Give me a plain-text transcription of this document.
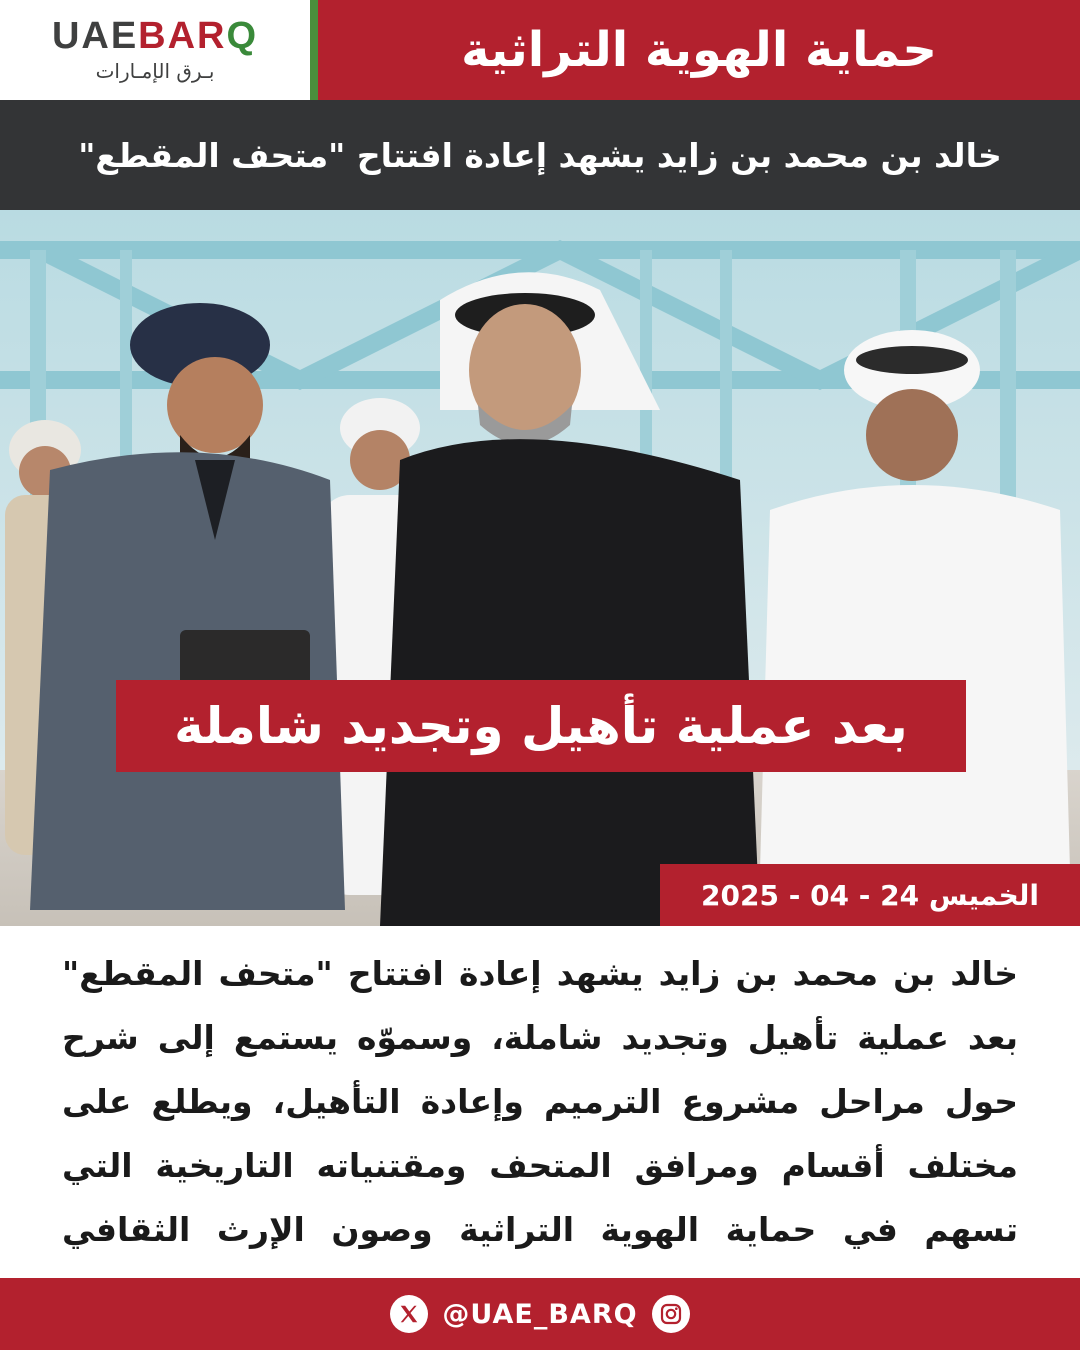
UAE BAR Q
بـرق الإمـارات	حماية الهوية التراثية
خالد بن محمد بن زايد يشهد إعادة افتتاح "متحف المقطع"
بعد عملية تأهيل وتجديد شاملة
الخميس 24 - 04 - 2025
خالد بن محمد بن زايد يشهد إعادة افتتاح "متحف المقطع" بعد عملية تأهيل وتجديد شاملة، وسموّه يستمع إلى شرح حول مراحل مشروع الترميم وإعادة التأهيل، ويطلع على مختلف أقسام ومرافق المتحف ومقتنياته التاريخية التي تسهم في حماية الهوية التراثية وصون الإرث الثقافي
@UAE_BARQ
